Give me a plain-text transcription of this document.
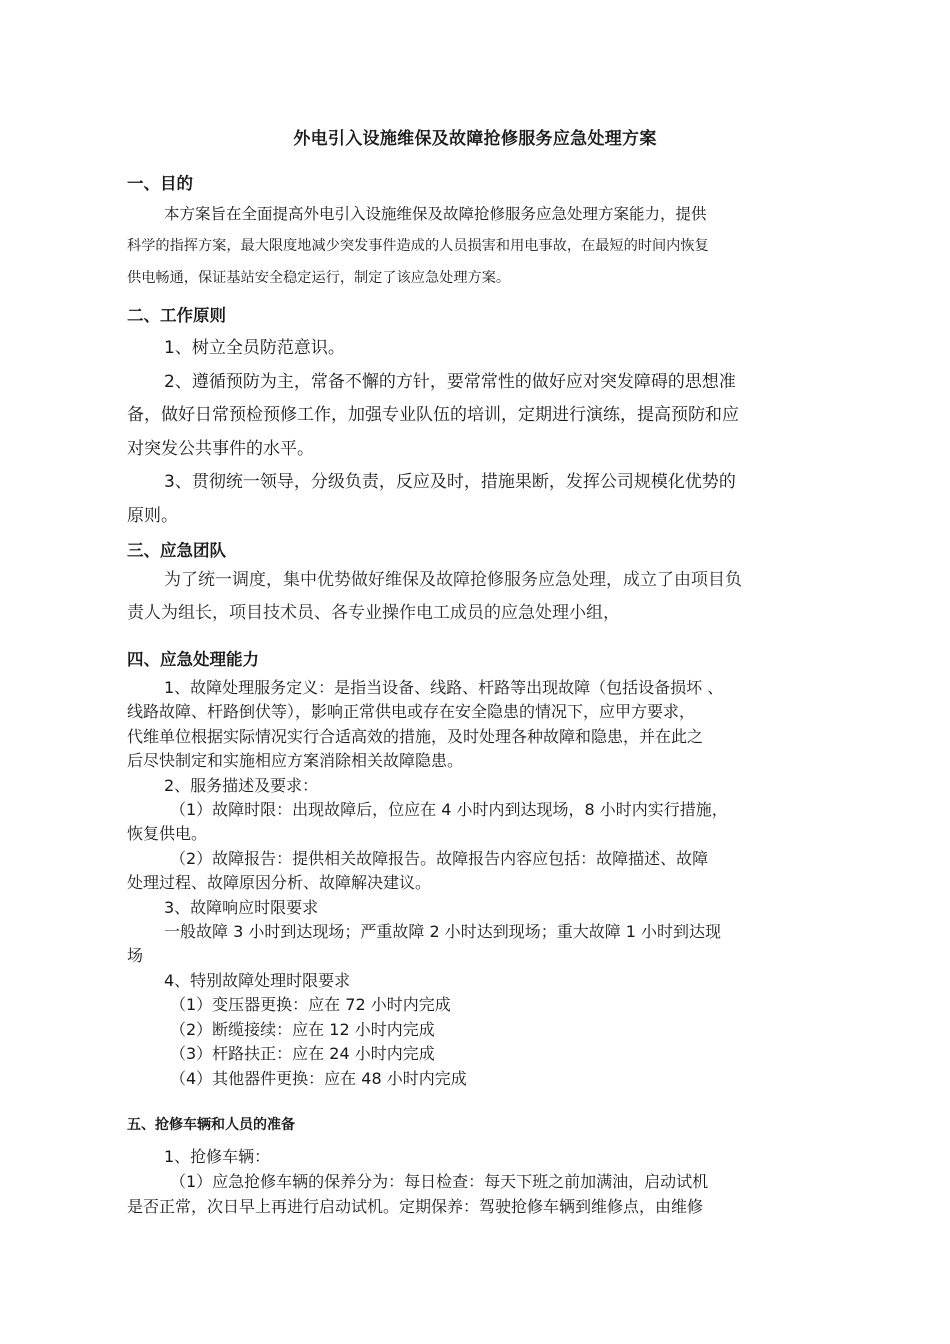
外电引入设施维保及故障抢修服务应急处理方案
一、目的
本方案旨在全面提高外电引入设施维保及故障抢修服务应急处理方案能力，提供
科学的指挥方案，最大限度地减少突发事件造成的人员损害和用电事故，在最短的时间内恢复
供电畅通，保证基站安全稳定运行，制定了该应急处理方案。
二、工作原则
1、树立全员防范意识。
2、遵循预防为主，常备不懈的方针，要常常性的做好应对突发障碍的思想准
备，做好日常预检预修工作，加强专业队伍的培训，定期进行演练，提高预防和应
对突发公共事件的水平。
3、贯彻统一领导，分级负责，反应及时，措施果断，发挥公司规模化优势的
原则。
三、应急团队
为了统一调度，集中优势做好维保及故障抢修服务应急处理，成立了由项目负
责人为组长，项目技术员、各专业操作电工成员的应急处理小组，
四、应急处理能力
1、故障处理服务定义：是指当设备、线路、杆路等出现故障（包括设备损坏 、
线路故障、杆路倒伏等），影响正常供电或存在安全隐患的情况下，应甲方要求，
代维单位根据实际情况实行合适高效的措施，及时处理各种故障和隐患，并在此之
后尽快制定和实施相应方案消除相关故障隐患。
2、服务描述及要求：
（1）故障时限：出现故障后，位应在 4 小时内到达现场，8 小时内实行措施，
恢复供电。
（2）故障报告：提供相关故障报告。故障报告内容应包括：故障描述、故障
处理过程、故障原因分析、故障解决建议。
3、故障响应时限要求
一般故障 3 小时到达现场；严重故障 2 小时达到现场；重大故障 1 小时到达现
场
4、特别故障处理时限要求
（1）变压器更换：应在 72 小时内完成
（2）断缆接续：应在 12 小时内完成
（3）杆路扶正：应在 24 小时内完成
（4）其他器件更换：应在 48 小时内完成
五、抢修车辆和人员的准备
1、抢修车辆：
（1）应急抢修车辆的保养分为：每日检查：每天下班之前加满油，启动试机
是否正常，次日早上再进行启动试机。定期保养：驾驶抢修车辆到维修点，由维修
